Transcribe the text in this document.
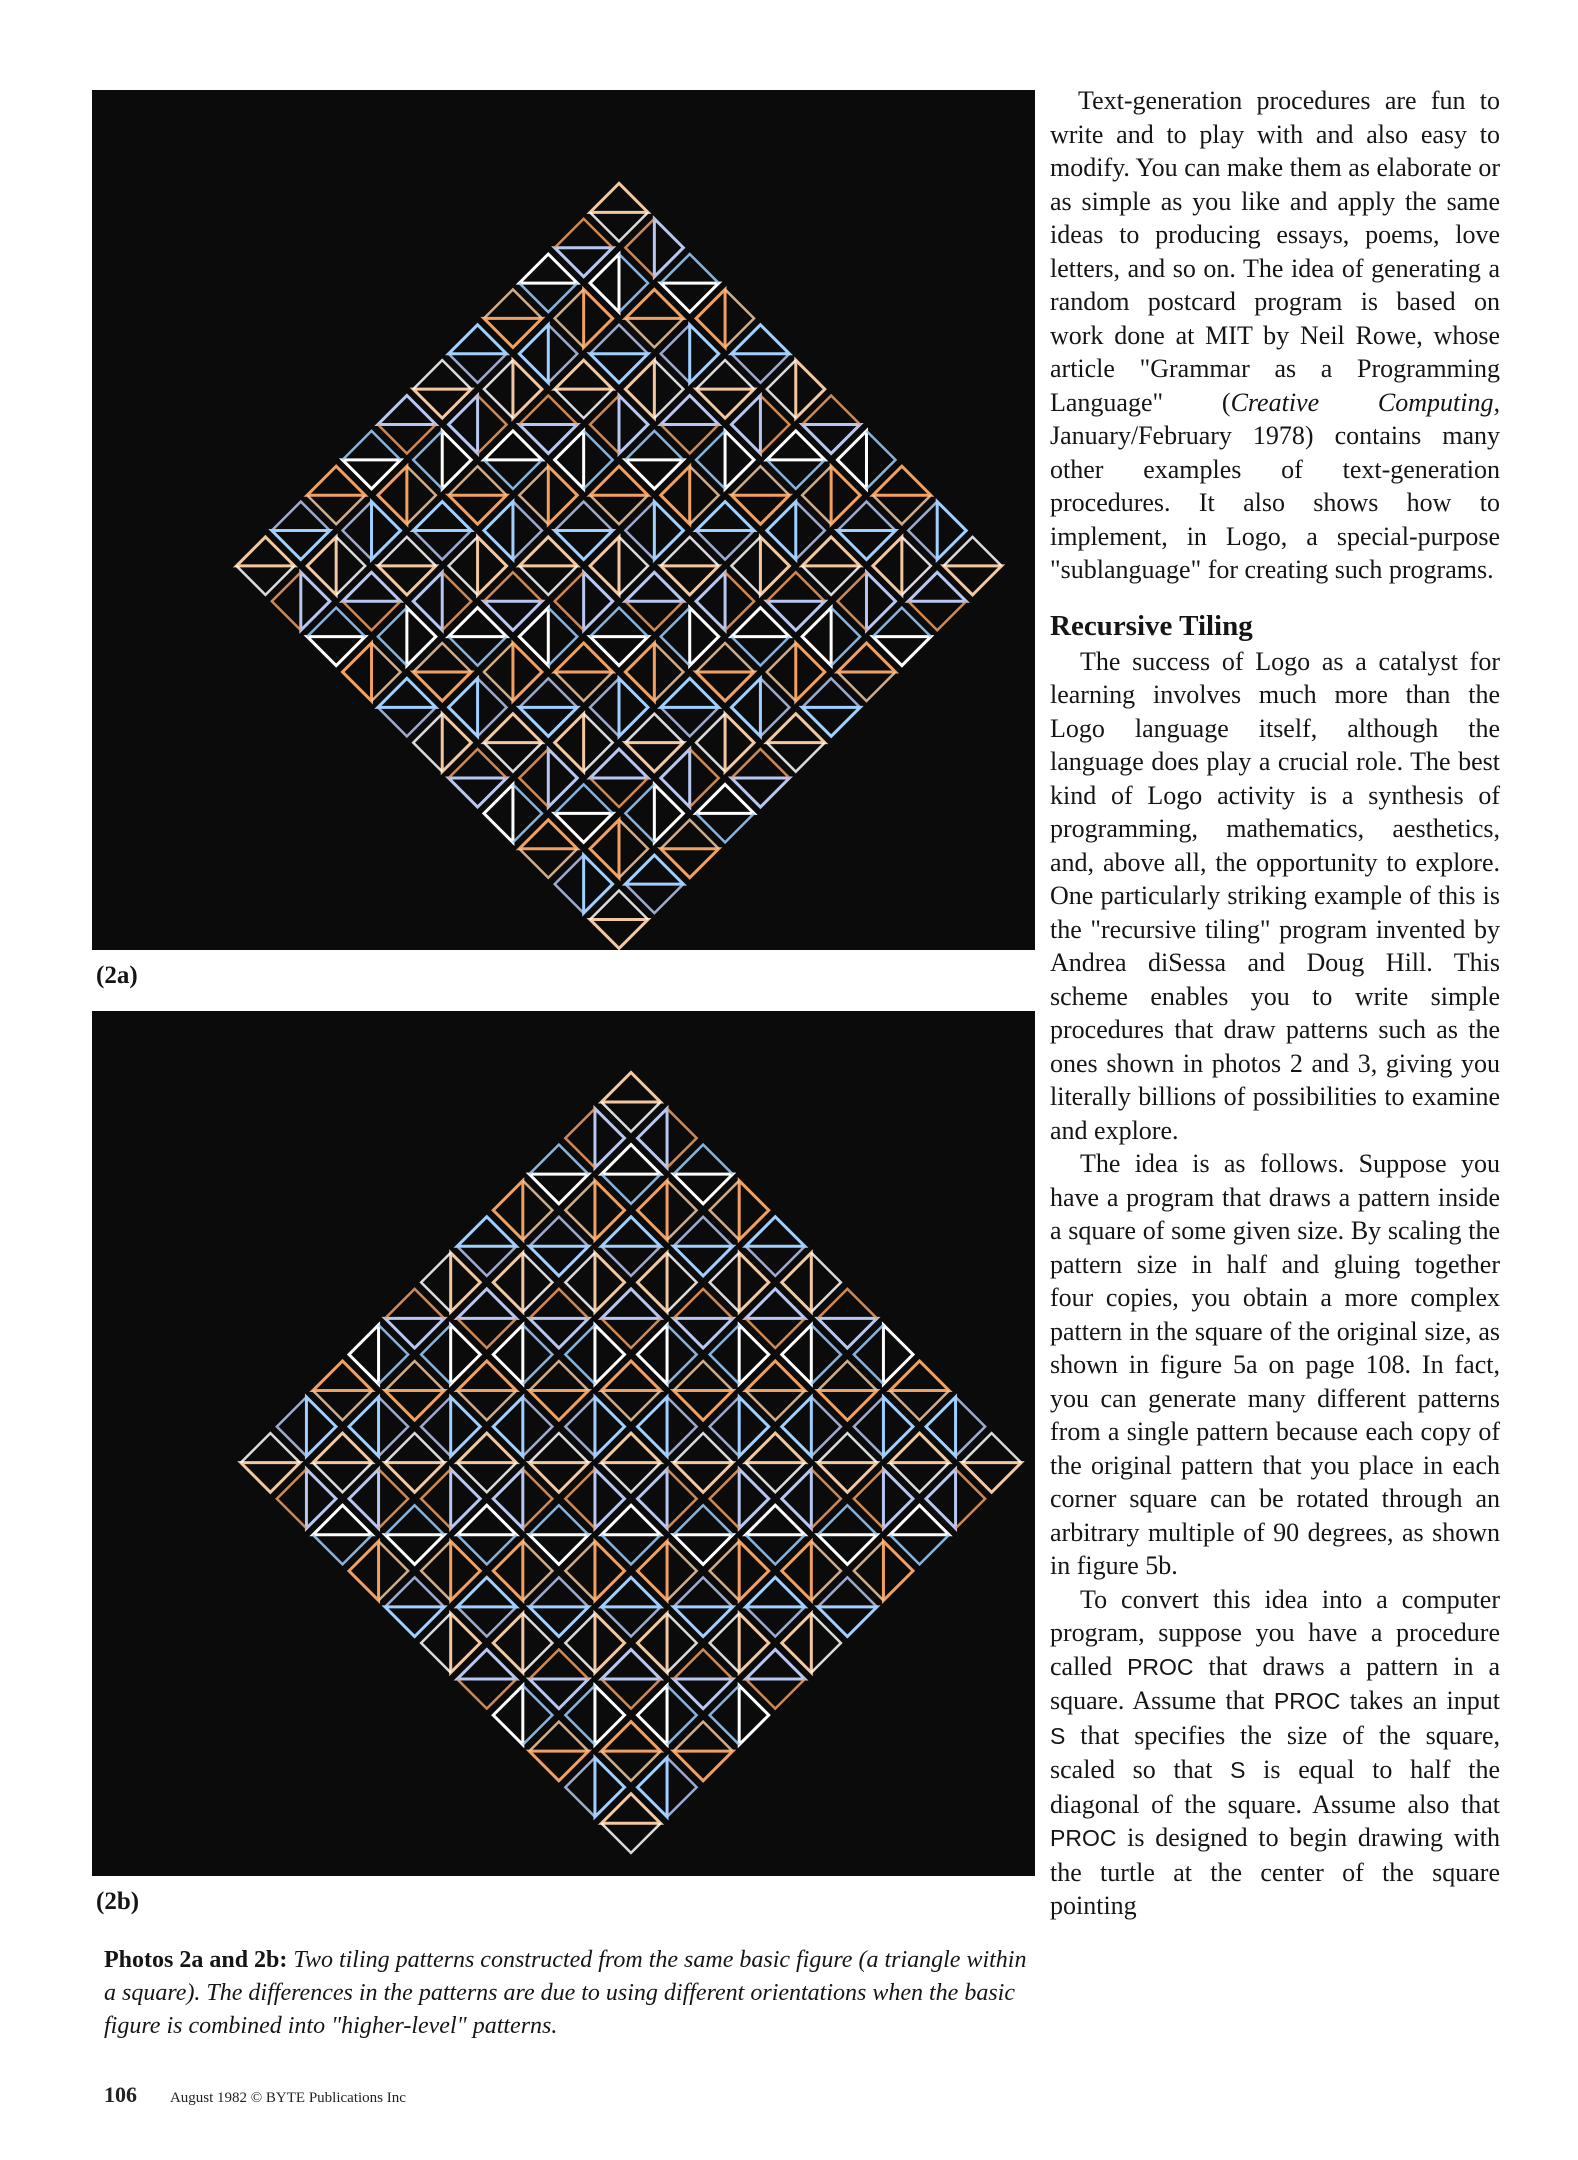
(2a)
(2b)
Photos 2a and 2b: Two tiling patterns constructed from the same basic figure (a triangle within a square). The differences in the patterns are due to using different orientations when the basic figure is combined into "higher-level" patterns.

Text-generation procedures are fun to write and to play with and also easy to modify. You can make them as elaborate or as simple as you like and apply the same ideas to producing essays, poems, love letters, and so on. The idea of generating a random postcard program is based on work done at MIT by Neil Rowe, whose article "Grammar as a Programming Language" (Creative Computing, January/February 1978) contains many other examples of text-generation procedures. It also shows how to implement, in Logo, a special-purpose "sublanguage" for creating such programs.

Recursive Tiling

The success of Logo as a catalyst for learning involves much more than the Logo language itself, although the language does play a crucial role. The best kind of Logo activity is a synthesis of programming, mathematics, aesthetics, and, above all, the opportunity to explore. One particularly striking example of this is the "recursive tiling" program invented by Andrea diSessa and Doug Hill. This scheme enables you to write simple procedures that draw patterns such as the ones shown in photos 2 and 3, giving you literally billions of possibilities to examine and explore.

The idea is as follows. Suppose you have a program that draws a pattern inside a square of some given size. By scaling the pattern size in half and gluing together four copies, you obtain a more complex pattern in the square of the original size, as shown in figure 5a on page 108. In fact, you can generate many different patterns from a single pattern because each copy of the original pattern that you place in each corner square can be rotated through an arbitrary multiple of 90 degrees, as shown in figure 5b.

To convert this idea into a computer program, suppose you have a procedure called PROC that draws a pattern in a square. Assume that PROC takes an input S that specifies the size of the square, scaled so that S is equal to half the diagonal of the square. Assume also that PROC is designed to begin drawing with the turtle at the center of the square pointing

106 August 1982 © BYTE Publications Inc
